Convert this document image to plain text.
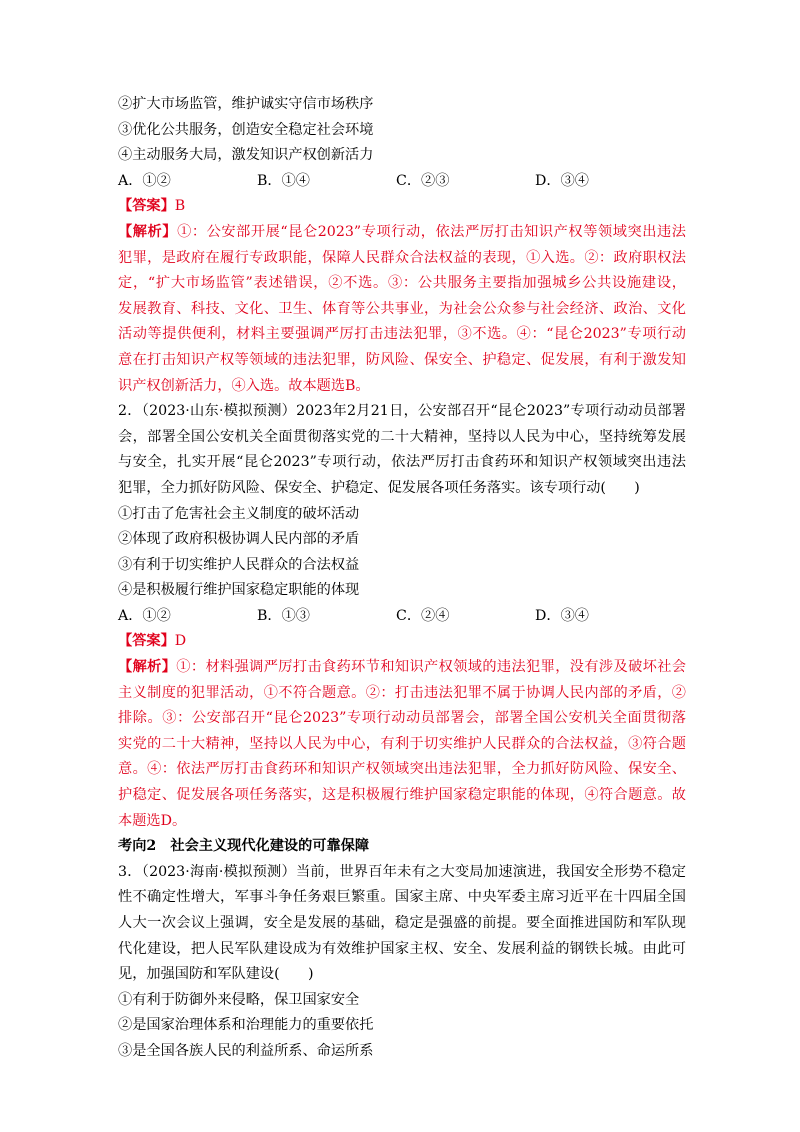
②扩大市场监管，维护诚实守信市场秩序
③优化公共服务，创造安全稳定社会环境
④主动服务大局，激发知识产权创新活力
A．①②	B．①④	C．②③	D．③④
【答案】B
【解析】①：公安部开展“昆仑2023”专项行动，依法严厉打击知识产权等领域突出违法
犯罪，是政府在履行专政职能，保障人民群众合法权益的表现，①入选。②：政府职权法
定，“扩大市场监管”表述错误，②不选。③：公共服务主要指加强城乡公共设施建设，
发展教育、科技、文化、卫生、体育等公共事业，为社会公众参与社会经济、政治、文化
活动等提供便利，材料主要强调严厉打击违法犯罪，③不选。④：“昆仑2023”专项行动
意在打击知识产权等领域的违法犯罪，防风险、保安全、护稳定、促发展，有利于激发知
识产权创新活力，④入选。故本题选B。
2．（2023·山东·模拟预测）2023年2月21日，公安部召开“昆仑2023”专项行动动员部署
会，部署全国公安机关全面贯彻落实党的二十大精神，坚持以人民为中心，坚持统筹发展
与安全，扎实开展“昆仑2023”专项行动，依法严厉打击食药环和知识产权领域突出违法
犯罪，全力抓好防风险、保安全、护稳定、促发展各项任务落实。该专项行动(　　)
①打击了危害社会主义制度的破坏活动
②体现了政府积极协调人民内部的矛盾
③有利于切实维护人民群众的合法权益
④是积极履行维护国家稳定职能的体现
A．①②	B．①③	C．②④	D．③④
【答案】D
【解析】①：材料强调严厉打击食药环节和知识产权领域的违法犯罪，没有涉及破坏社会
主义制度的犯罪活动，①不符合题意。②：打击违法犯罪不属于协调人民内部的矛盾，②
排除。③：公安部召开“昆仑2023”专项行动动员部署会，部署全国公安机关全面贯彻落
实党的二十大精神，坚持以人民为中心，有利于切实维护人民群众的合法权益，③符合题
意。④：依法严厉打击食药环和知识产权领域突出违法犯罪，全力抓好防风险、保安全、
护稳定、促发展各项任务落实，这是积极履行维护国家稳定职能的体现，④符合题意。故
本题选D。
考向2　社会主义现代化建设的可靠保障
3．（2023·海南·模拟预测）当前，世界百年未有之大变局加速演进，我国安全形势不稳定
性不确定性增大，军事斗争任务艰巨繁重。国家主席、中央军委主席习近平在十四届全国
人大一次会议上强调，安全是发展的基础，稳定是强盛的前提。要全面推进国防和军队现
代化建设，把人民军队建设成为有效维护国家主权、安全、发展利益的钢铁长城。由此可
见，加强国防和军队建设(　　)
①有利于防御外来侵略，保卫国家安全
②是国家治理体系和治理能力的重要依托
③是全国各族人民的利益所系、命运所系
